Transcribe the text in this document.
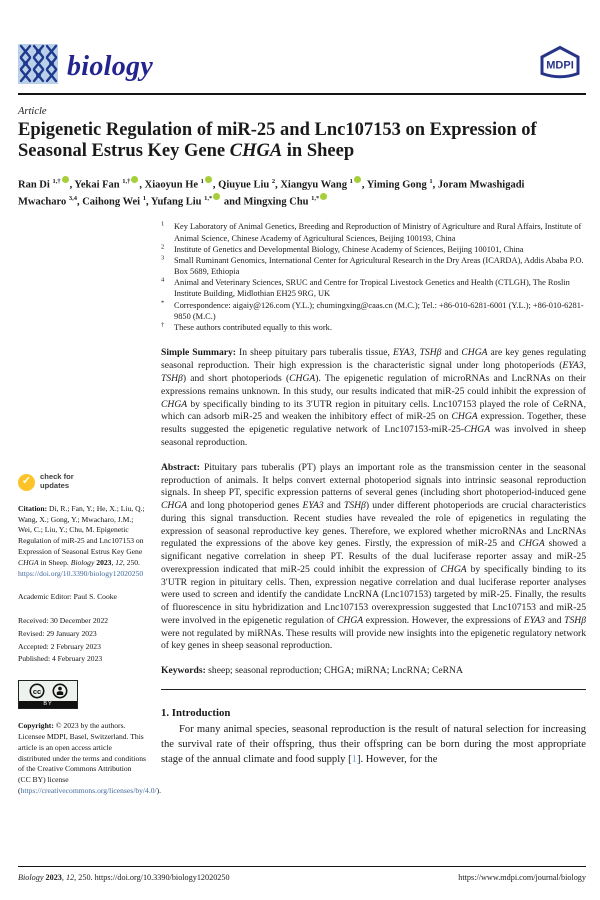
biology	MDPI
Article
Epigenetic Regulation of miR-25 and Lnc107153 on Expression of Seasonal Estrus Key Gene CHGA in Sheep
Ran Di $^{1,\dagger}$ , Yekai Fan $^{1,\dagger}$ , Xiaoyun He $^1$ , Qiuyue Liu $^2$, Xiangyu Wang $^1$ , Yiming Gong $^1$, Joram Mwashigadi Mwacharo $^{3,4}$, Caihong Wei $^1$, Yufang Liu $^{1,*}$ and Mingxing Chu $^{1,*}$
✓	check for
updates
Citation: Di, R.; Fan, Y.; He, X.; Liu, Q.; Wang, X.; Gong, Y.; Mwacharo, J.M.; Wei, C.; Liu, Y.; Chu, M. Epigenetic Regulation of miR-25 and Lnc107153 on Expression of Seasonal Estrus Key Gene CHGA in Sheep. Biology 2023, 12, 250. https://doi.org/10.3390/biology12020250
Academic Editor: Paul S. Cooke
Received: 30 December 2022
Revised: 29 January 2023
Accepted: 2 February 2023
Published: 4 February 2023
cc
BY
Copyright: © 2023 by the authors. Licensee MDPI, Basel, Switzerland. This article is an open access article distributed under the terms and conditions of the Creative Commons Attribution (CC BY) license (https://creativecommons.org/licenses/by/4.0/).
1	Key Laboratory of Animal Genetics, Breeding and Reproduction of Ministry of Agriculture and Rural Affairs, Institute of Animal Science, Chinese Academy of Agricultural Sciences, Beijing 100193, China
2	Institute of Genetics and Developmental Biology, Chinese Academy of Sciences, Beijing 100101, China
3	Small Ruminant Genomics, International Center for Agricultural Research in the Dry Areas (ICARDA), Addis Ababa P.O. Box 5689, Ethiopia
4	Animal and Veterinary Sciences, SRUC and Centre for Tropical Livestock Genetics and Health (CTLGH), The Roslin Institute Building, Midlothian EH25 9RG, UK
*	Correspondence: aigaiy@126.com (Y.L.); chumingxing@caas.cn (M.C.); Tel.: +86-010-6281-6001 (Y.L.); +86-010-6281-9850 (M.C.)
†	These authors contributed equally to this work.
Simple Summary: In sheep pituitary pars tuberalis tissue, EYA3, TSHβ and CHGA are key genes regulating seasonal reproduction. Their high expression is the characteristic signal under long photoperiods (EYA3, TSHβ) and short photoperiods (CHGA). The epigenetic regulation of microRNAs and LncRNAs on their expressions remains unknown. In this study, our results indicated that miR-25 could inhibit the expression of CHGA by specifically binding to its 3′UTR region in pituitary cells. Lnc107153 played the role of CeRNA, which can adsorb miR-25 and weaken the inhibitory effect of miR-25 on CHGA expression. Together, these results suggested the epigenetic regulative network of Lnc107153-miR-25-CHGA was involved in sheep seasonal reproduction.
Abstract: Pituitary pars tuberalis (PT) plays an important role as the transmission center in the seasonal reproduction of animals. It helps convert external photoperiod signals into intrinsic seasonal reproduction signals. In sheep PT, specific expression patterns of several genes (including short photoperiod-induced gene CHGA and long photoperiod genes EYA3 and TSHβ) under different photoperiods are crucial characteristics during this signal transduction. Recent studies have revealed the role of epigenetics in regulating the expression of seasonal reproductive key genes. Therefore, we explored whether microRNAs and LncRNAs regulated the expressions of the above key genes. Firstly, the expression of miR-25 and CHGA showed a significant negative correlation in sheep PT. Results of the dual luciferase reporter assay and miR-25 overexpression indicated that miR-25 could inhibit the expression of CHGA by specifically binding to its 3′UTR region in pituitary cells. Then, expression negative correlation and dual luciferase reporter analyses were used to screen and identify the candidate LncRNA (Lnc107153) targeted by miR-25. Finally, the results of fluorescence in situ hybridization and Lnc107153 overexpression suggested that Lnc107153 and miR-25 were involved in the epigenetic regulation of CHGA expression. However, the expressions of EYA3 and TSHβ were not regulated by miRNAs. These results will provide new insights into the epigenetic regulatory network of key genes in sheep seasonal reproduction.
Keywords: sheep; seasonal reproduction; CHGA; miRNA; LncRNA; CeRNA
1. Introduction
For many animal species, seasonal reproduction is the result of natural selection for increasing the survival rate of their offspring, thus their offspring can be born during the most appropriate stage of the annual climate and food supply [1]. However, for the
Biology 2023, 12, 250. https://doi.org/10.3390/biology12020250	https://www.mdpi.com/journal/biology
